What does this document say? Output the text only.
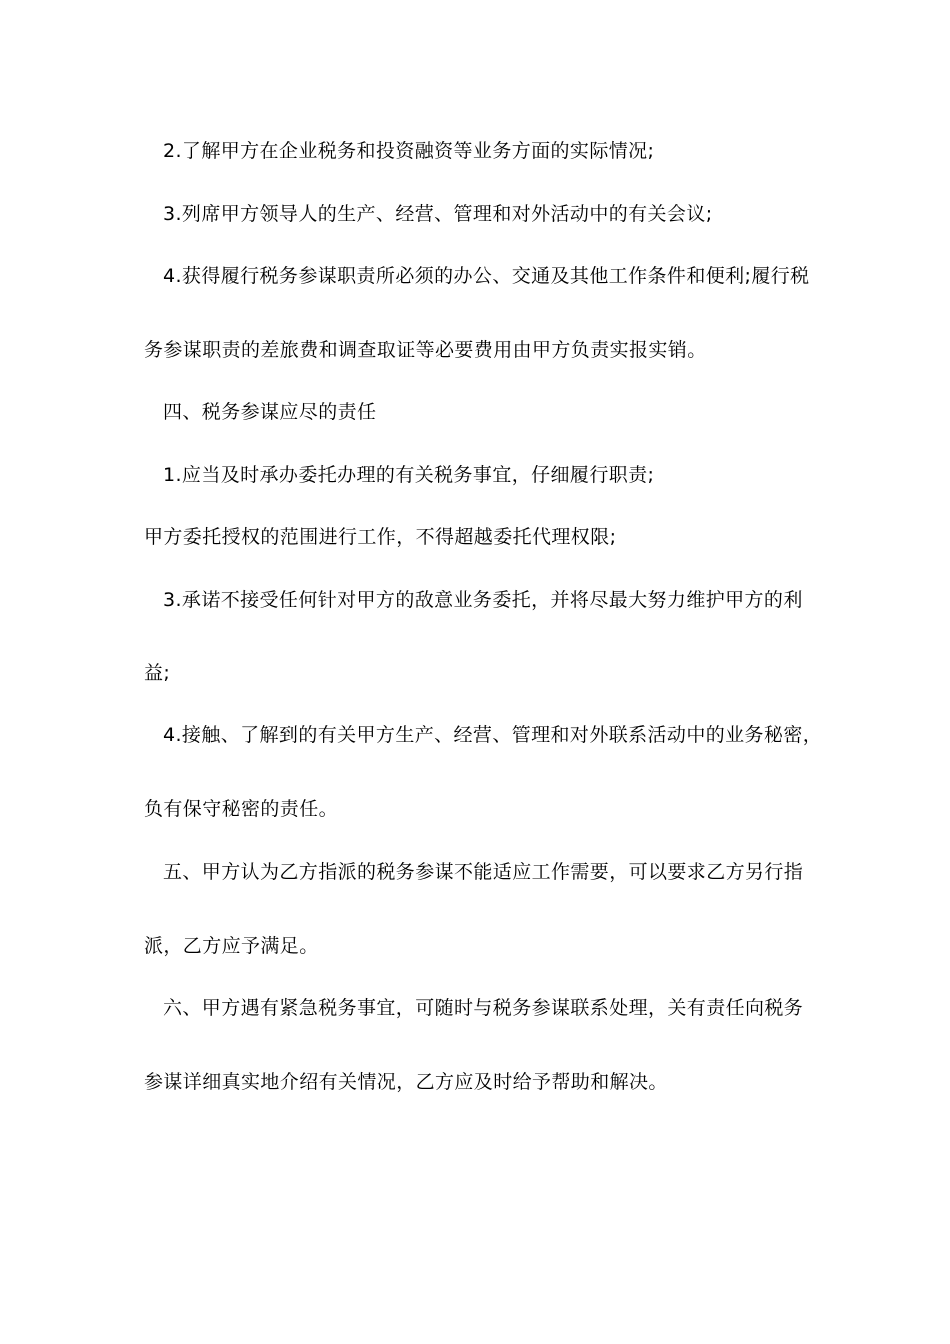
2.了解甲方在企业税务和投资融资等业务方面的实际情况;
3.列席甲方领导人的生产、经营、管理和对外活动中的有关会议;
4.获得履行税务参谋职责所必须的办公、交通及其他工作条件和便利;履行税
务参谋职责的差旅费和调查取证等必要费用由甲方负责实报实销。
四、税务参谋应尽的责任
1.应当及时承办委托办理的有关税务事宜，仔细履行职责;
甲方委托授权的范围进行工作，不得超越委托代理权限;
3.承诺不接受任何针对甲方的敌意业务委托，并将尽最大努力维护甲方的利
益;
4.接触、了解到的有关甲方生产、经营、管理和对外联系活动中的业务秘密，
负有保守秘密的责任。
五、甲方认为乙方指派的税务参谋不能适应工作需要，可以要求乙方另行指
派，乙方应予满足。
六、甲方遇有紧急税务事宜，可随时与税务参谋联系处理，关有责任向税务
参谋详细真实地介绍有关情况，乙方应及时给予帮助和解决。
